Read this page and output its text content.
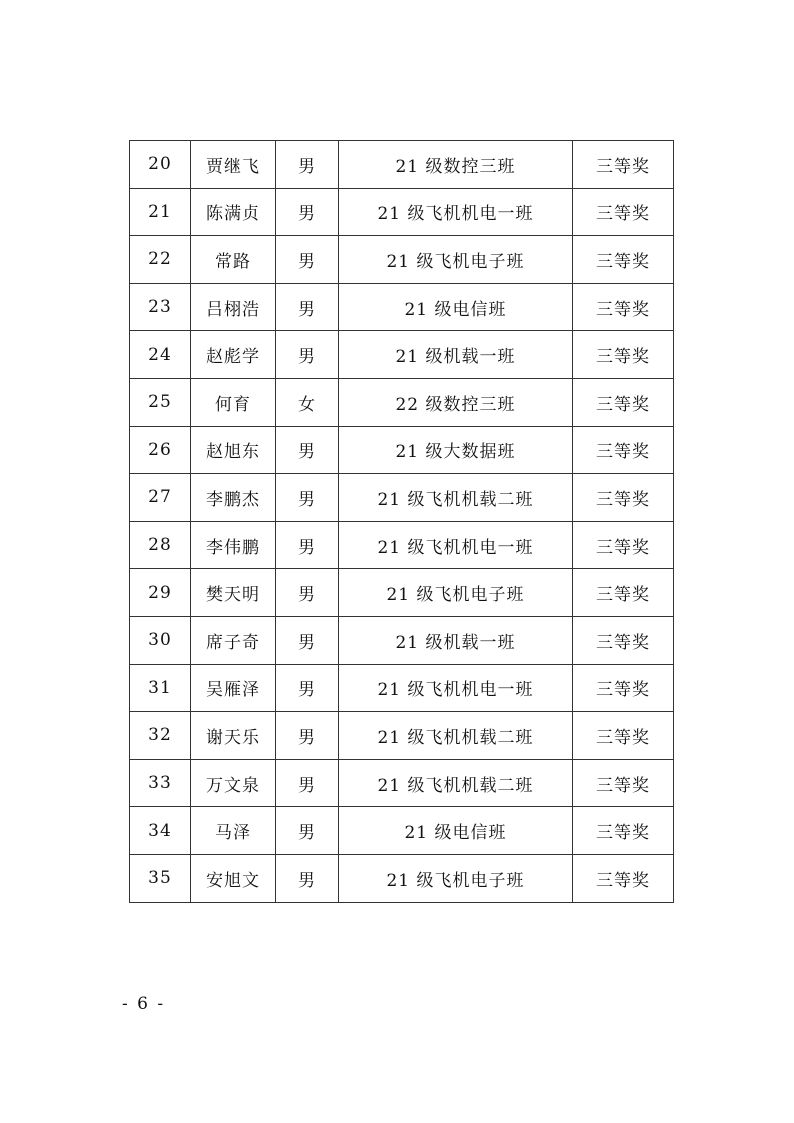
20	贾继飞	男	21 级数控三班	三等奖
21	陈满贞	男	21 级飞机机电一班	三等奖
22	常路	男	21 级飞机电子班	三等奖
23	吕栩浩	男	21 级电信班	三等奖
24	赵彪学	男	21 级机载一班	三等奖
25	何育	女	22 级数控三班	三等奖
26	赵旭东	男	21 级大数据班	三等奖
27	李鹏杰	男	21 级飞机机载二班	三等奖
28	李伟鹏	男	21 级飞机机电一班	三等奖
29	樊天明	男	21 级飞机电子班	三等奖
30	席子奇	男	21 级机载一班	三等奖
31	吴雁泽	男	21 级飞机机电一班	三等奖
32	谢天乐	男	21 级飞机机载二班	三等奖
33	万文泉	男	21 级飞机机载二班	三等奖
34	马泽	男	21 级电信班	三等奖
35	安旭文	男	21 级飞机电子班	三等奖
- 6 -
